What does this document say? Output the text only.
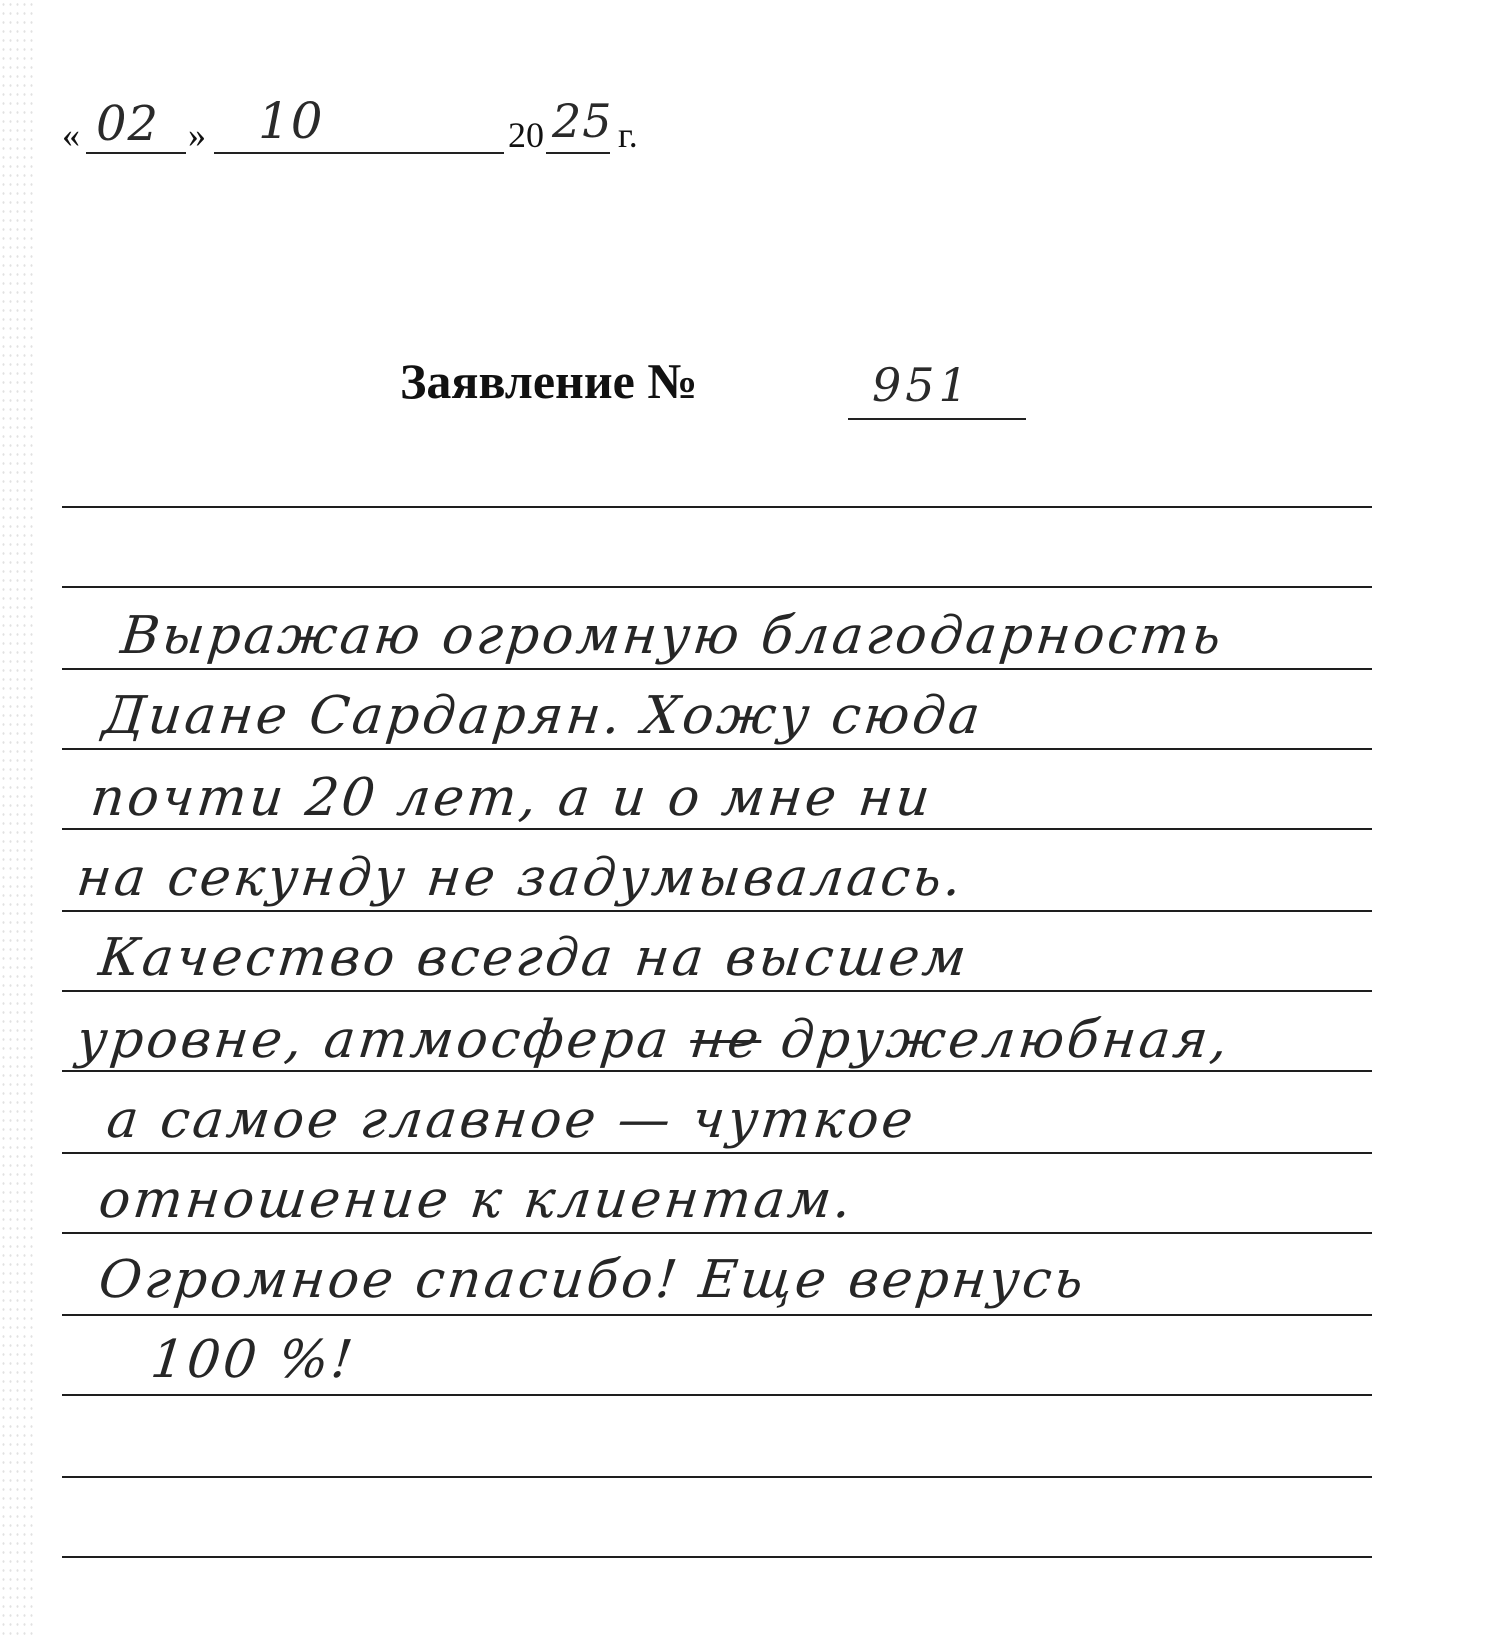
« 02 » 10	20 25 г.
Заявление №	951
Выражаю огромную благодарность
Диане Сардарян. Хожу сюда
почти 20 лет, а и о мне ни
на секунду не задумывалась.
Качество всегда на высшем
уровне, атмосфера не дружелюбная,
а самое главное — чуткое
отношение к клиентам.
Огромное спасибо! Еще вернусь
100 %!
